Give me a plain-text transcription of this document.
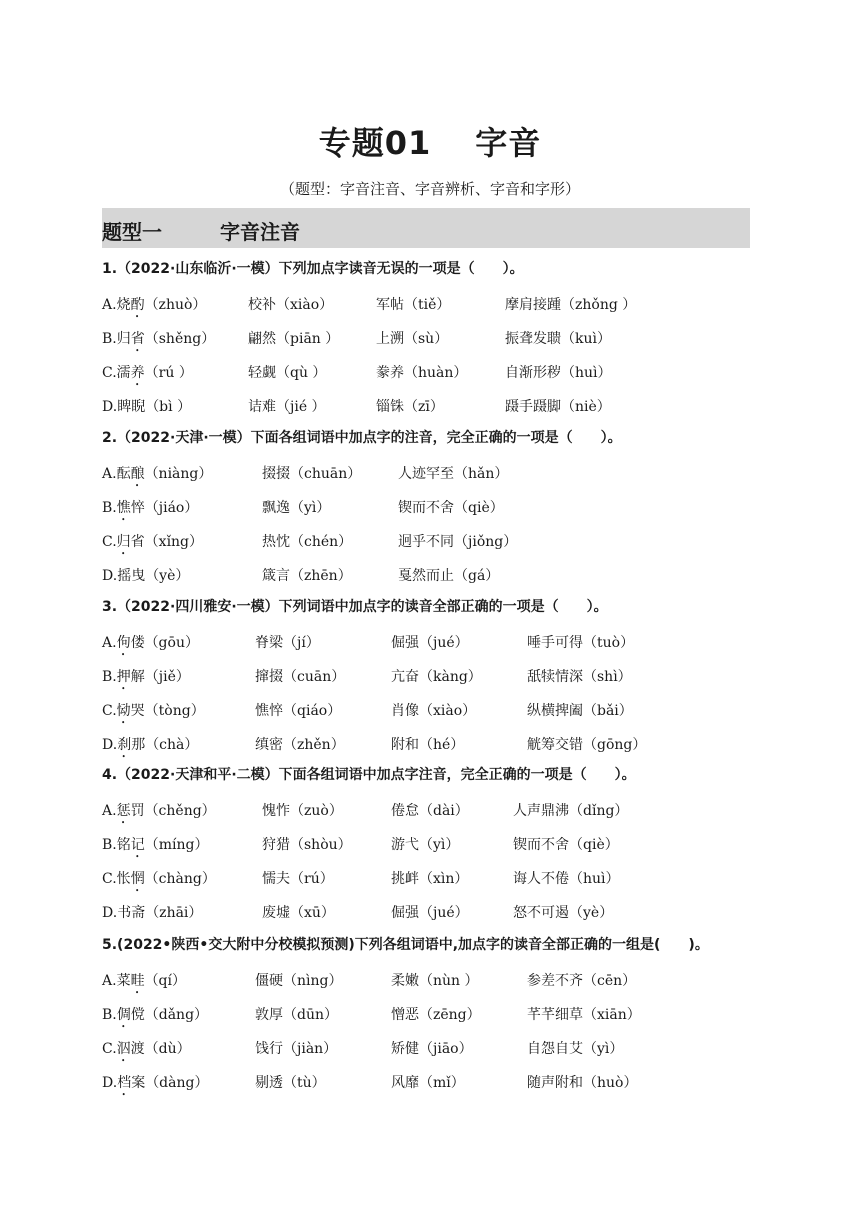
专题01 字音
（题型：字音注音、字音辨析、字音和字形）
题型一	字音注音
1.（2022·山东临沂·一模）下列加点字读音无误的一项是（　　）。
A.烧酌（zhuò）	校补（xiào）	军帖（tiě）	摩肩接踵（zhǒng ）
B.归省（shěng） 翩然（piān ）	上溯（sù）	振聋发聩（kuì）
C.濡养（rú ）	轻觑（qù ）	豢养（huàn）	自渐形秽（huì）
D.睥睨（bì ）	诘难（jié ）	锱铢（zī）	蹑手蹑脚（niè）
2.（2022·天津·一模）下面各组词语中加点字的注音，完全正确的一项是（　　）。
A.酝酿（niàng）	掇掇（chuān）	人迹罕至（hǎn）
B.憔悴（jiáo）	飘逸（yì）	锲而不舍（qiè）
C.归省（xǐng）	热忱（chén）	迥乎不同（jiǒng）
D.摇曳（yè）	箴言（zhēn）	戛然而止（gá）
3.（2022·四川雅安·一模）下列词语中加点字的读音全部正确的一项是（　　）。
A.佝偻（gōu）	脊梁（jí）	倔强（jué）	唾手可得（tuò）
B.押解（jiě）	撺掇（cuān）	亢奋（kàng）	舐犊情深（shì）
C.恸哭（tòng）	憔悴（qiáo）	肖像（xiào）	纵横捭阖（bǎi）
D.刹那（chà）	缜密（zhěn）	附和（hé）	觥筹交错（gōng）
4.（2022·天津和平·二模）下面各组词语中加点字注音，完全正确的一项是（　　）。
A.惩罚（chěng）	愧怍（zuò）	倦怠（dài）	人声鼎沸（dǐng）
B.铭记（míng）	狩猎（shòu）	游弋（yì）	锲而不舍（qiè）
C.怅惘（chàng）	懦夫（rú）	挑衅（xìn）	诲人不倦（huì）
D.书斋（zhāi）	废墟（xū）	倔强（jué）	怒不可遏（yè）
5.(2022•陕西•交大附中分校模拟预测)下列各组词语中,加点字的读音全部正确的一组是(　　)。
A.菜畦（qí）	僵硬（nìng）	柔嫩（nùn ）	参差不齐（cēn）
B.倜傥（dǎng）	敦厚（dūn）	憎恶（zēng）	芊芊细草（xiān）
C.泅渡（dù）	饯行（jiàn）	矫健（jiāo）	自怨自艾（yì）
D.档案（dàng）	剔透（tù）	风靡（mǐ）	随声附和（huò）
